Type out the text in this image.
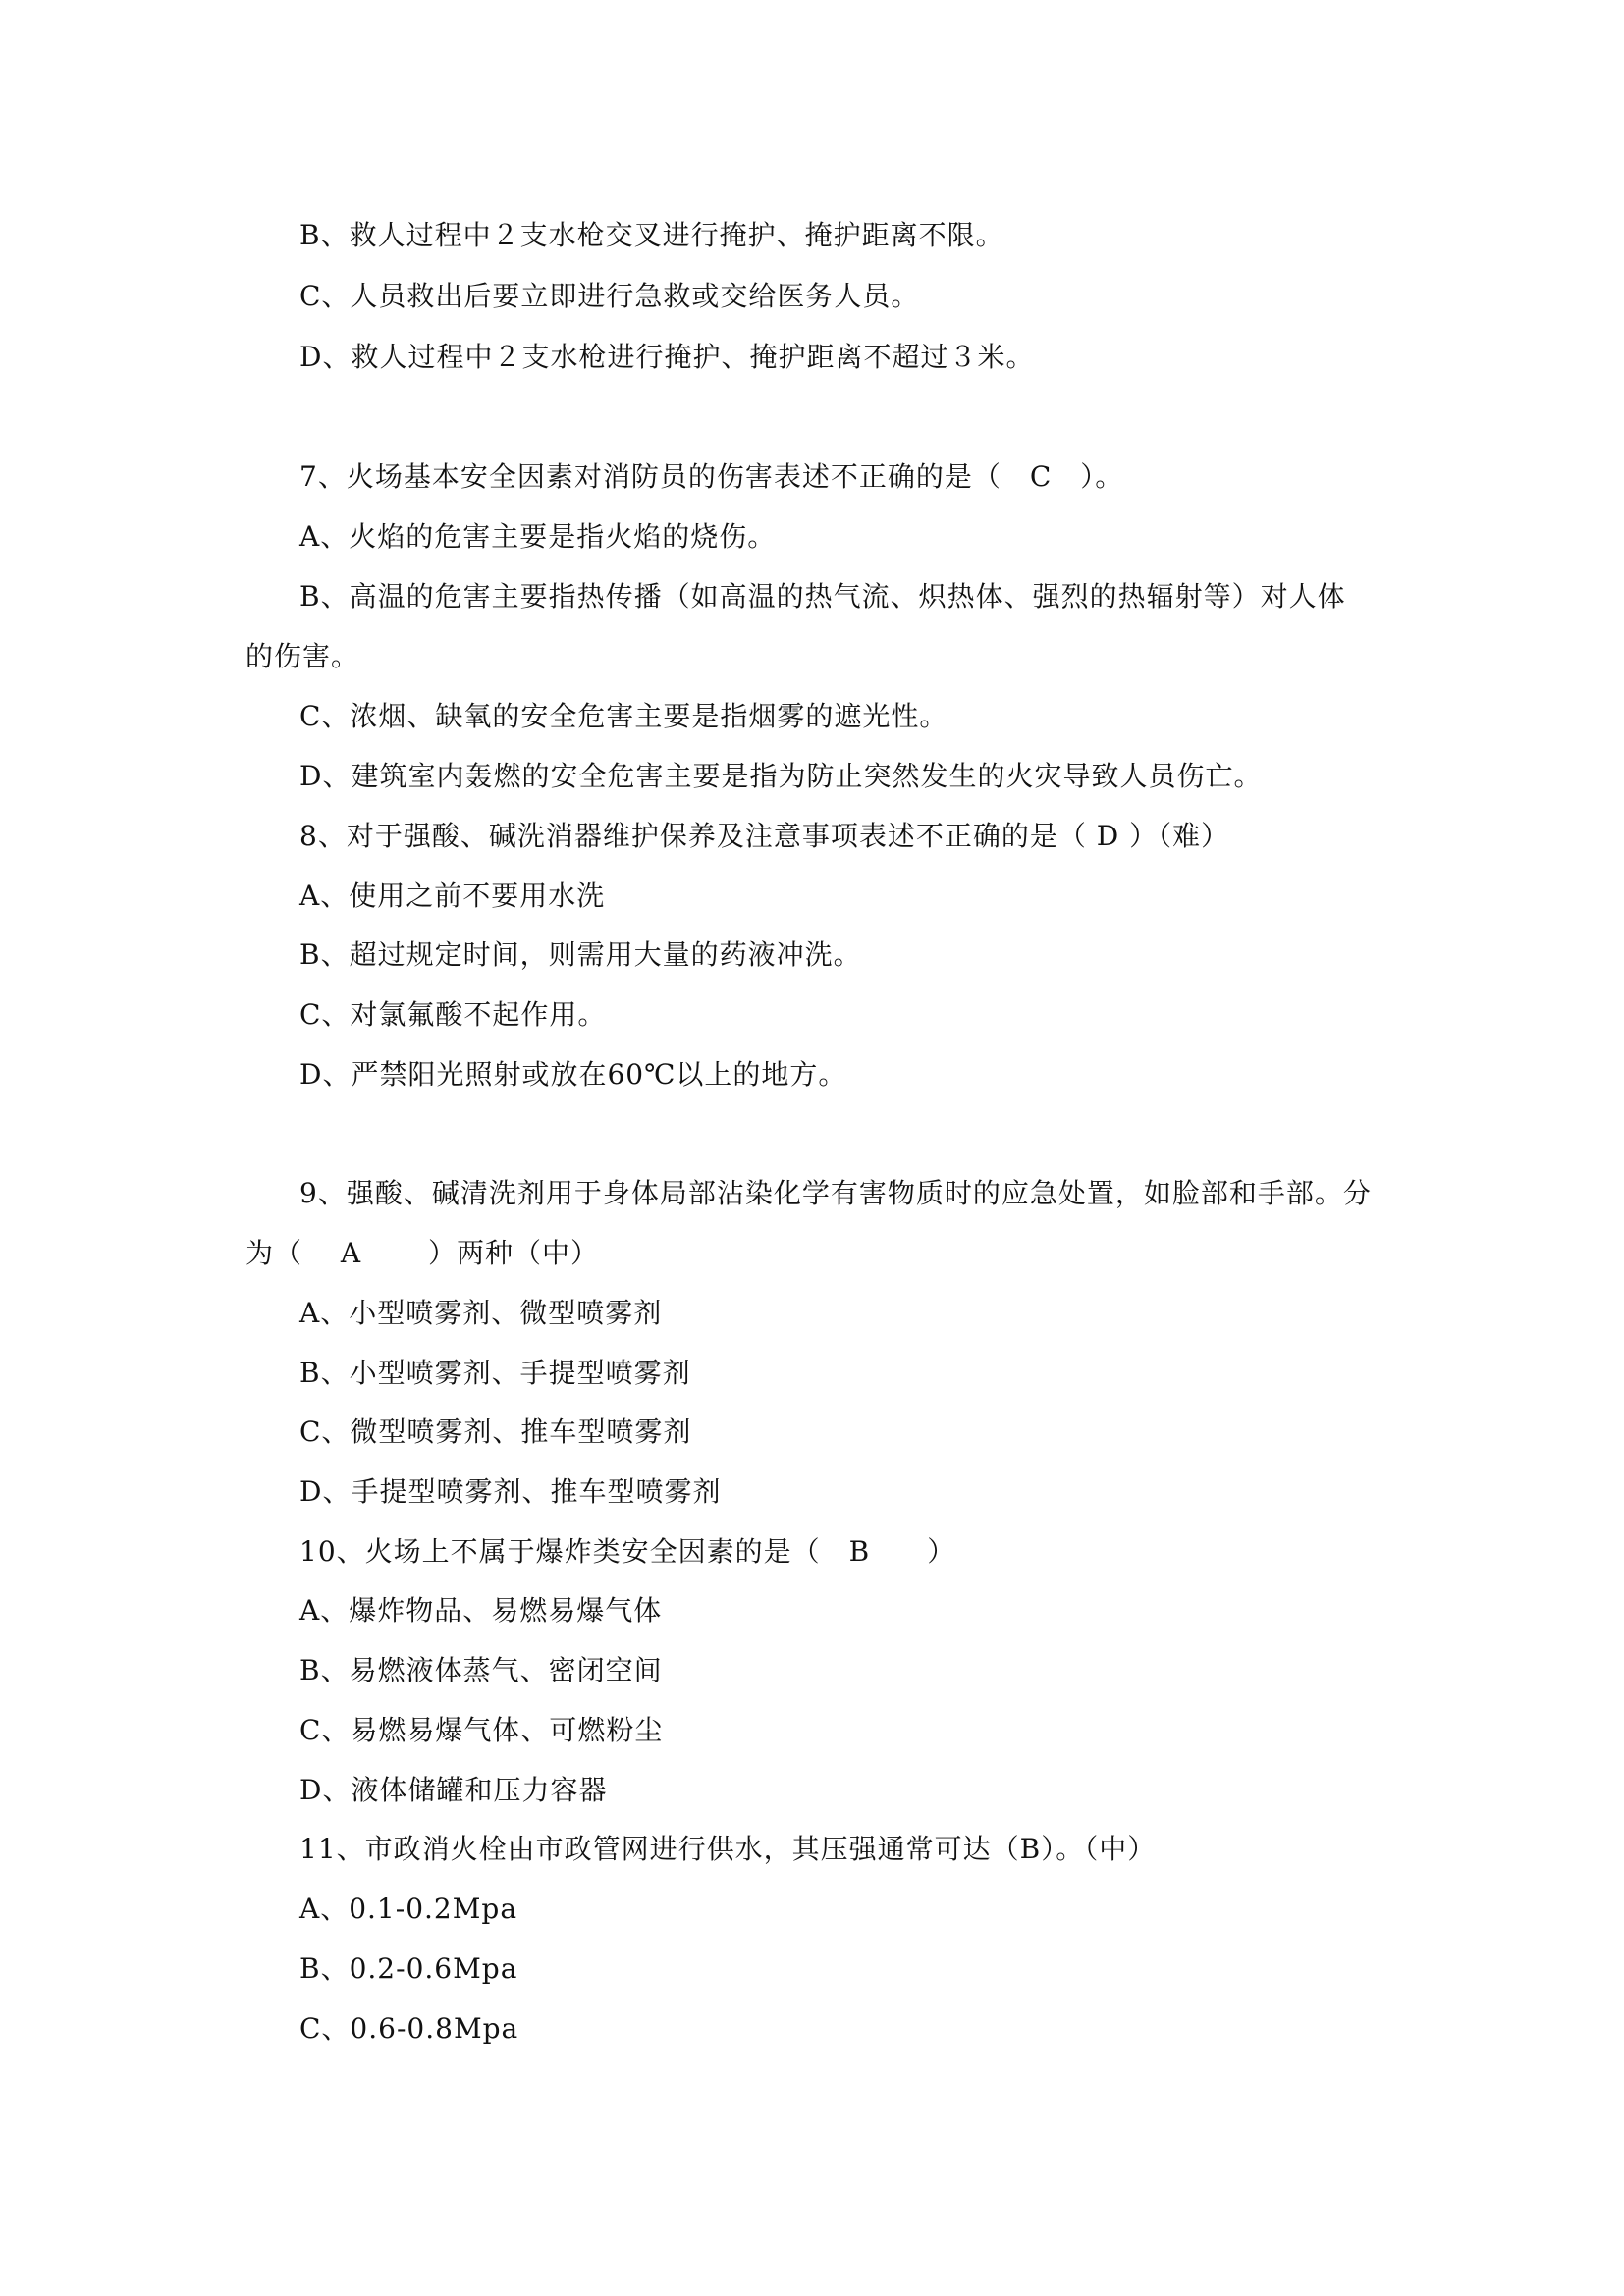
B、救人过程中２支水枪交叉进行掩护、掩护距离不限。
C、人员救出后要立即进行急救或交给医务人员。
D、救人过程中２支水枪进行掩护、掩护距离不超过３米。
7、火场基本安全因素对消防员的伤害表述不正确的是（　C　）。
A、火焰的危害主要是指火焰的烧伤。
B、高温的危害主要指热传播（如高温的热气流、炽热体、强烈的热辐射等）对人体
的伤害。
C、浓烟、缺氧的安全危害主要是指烟雾的遮光性。
D、建筑室内轰燃的安全危害主要是指为防止突然发生的火灾导致人员伤亡。
8、对于强酸、碱洗消器维护保养及注意事项表述不正确的是（ D ）（难）
A、使用之前不要用水洗
B、超过规定时间，则需用大量的药液冲洗。
C、对氯氟酸不起作用。
D、严禁阳光照射或放在60℃以上的地方。
9、强酸、碱清洗剂用于身体局部沾染化学有害物质时的应急处置，如脸部和手部。分
为（　 A　　 ）两种（中）
A、小型喷雾剂、微型喷雾剂
B、小型喷雾剂、手提型喷雾剂
C、微型喷雾剂、推车型喷雾剂
D、手提型喷雾剂、推车型喷雾剂
10、火场上不属于爆炸类安全因素的是（　B　　）
A、爆炸物品、易燃易爆气体
B、易燃液体蒸气、密闭空间
C、易燃易爆气体、可燃粉尘
D、液体储罐和压力容器
11、市政消火栓由市政管网进行供水，其压强通常可达（B）。（中）
A、0.1-0.2Mpa
B、0.2-0.6Mpa
C、0.6-0.8Mpa
